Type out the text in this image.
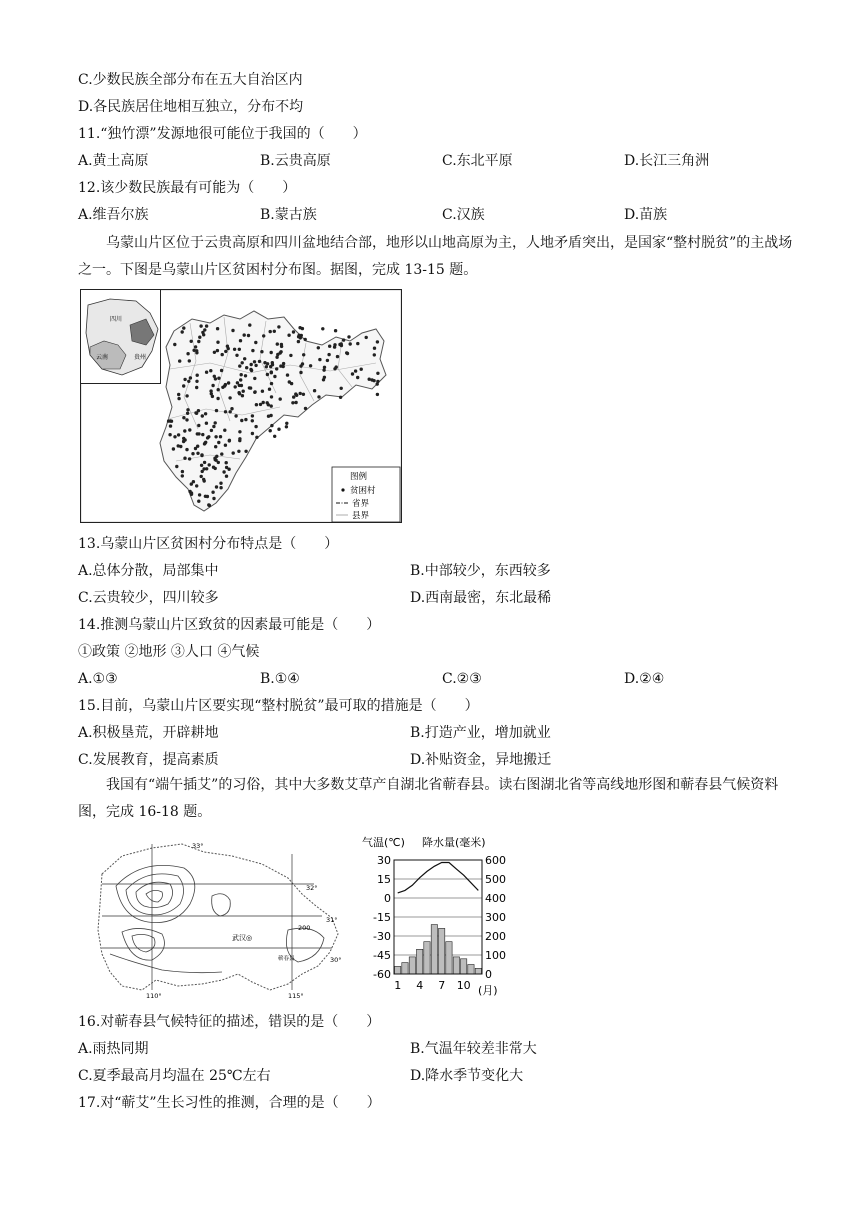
C.少数民族全部分布在五大自治区内
D.各民族居住地相互独立，分布不均
11.“独竹漂”发源地很可能位于我国的（　　）
A.黄土高原	B.云贵高原	C.东北平原	D.长江三角洲
12.该少数民族最有可能为（　　）
A.维吾尔族	B.蒙古族	C.汉族	D.苗族
乌蒙山片区位于云贵高原和四川盆地结合部，地形以山地高原为主，人地矛盾突出，是国家“整村脱贫”的主战场之一。下图是乌蒙山片区贫困村分布图。据图，完成 13-15 题。
四川
云南	贵州
图例
贫困村
省界
县界
13.乌蒙山片区贫困村分布特点是（　　）
A.总体分散，局部集中	B.中部较少，东西较多
C.云贵较少，四川较多	D.西南最密，东北最稀
14.推测乌蒙山片区致贫的因素最可能是（　　）
①政策 ②地形 ③人口 ④气候
A.①③	B.①④	C.②③	D.②④
15.目前，乌蒙山片区要实现“整村脱贫”最可取的措施是（　　）
A.积极垦荒，开辟耕地	B.打造产业，增加就业
C.发展教育，提高素质	D.补贴资金，异地搬迁
我国有“端午插艾”的习俗，其中大多数艾草产自湖北省蕲春县。读右图湖北省等高线地形图和蕲春县气候资料图，完成 16-18 题。
33°
32°
31°
30°
110°	115°
200
武汉◎
蕲春县
气温(℃) 降水量(毫米)
30
15
0
-15
-30
-45
-60
600
500
400
300
200
100
0
1 4 7 10 (月)
16.对蕲春县气候特征的描述，错误的是（　　）
A.雨热同期	B.气温年较差非常大
C.夏季最高月均温在 25℃左右	D.降水季节变化大
17.对“蕲艾”生长习性的推测，合理的是（　　）
